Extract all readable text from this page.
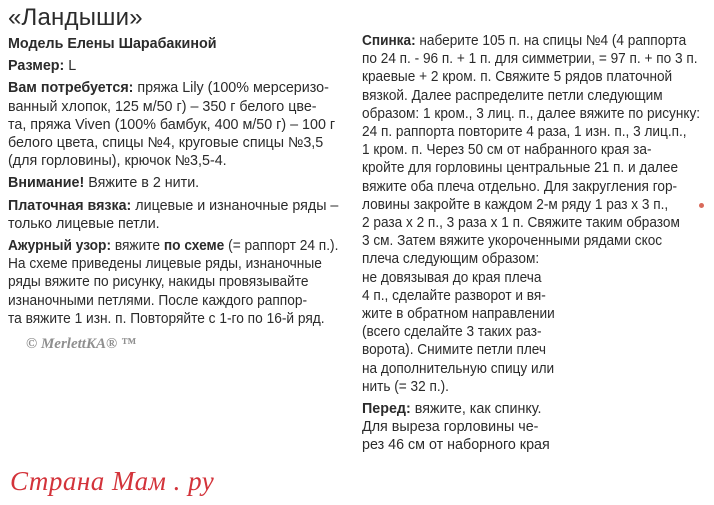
«Ландыши»
Модель Елены Шарабакиной
Размер: L
Вам потребуется: пряжа Lily (100% мерсеризо-
ванный хлопок, 125 м/50 г) – 350 г белого цве-
та, пряжа Viven (100% бамбук, 400 м/50 г) – 100 г
белого цвета, спицы №4, круговые спицы №3,5
(для горловины), крючок №3,5-4.
Внимание! Вяжите в 2 нити.
Платочная вязка: лицевые и изнаночные ряды –
только лицевые петли.
Ажурный узор: вяжите по схеме (= раппорт 24 п.).
На схеме приведены лицевые ряды, изнаночные
ряды вяжите по рисунку, накиды провязывайте
изнаночными петлями. После каждого раппор-
та вяжите 1 изн. п. Повторяйте с 1-го по 16-й ряд.
© MerlettKA® ™
Спинка: наберите 105 п. на спицы №4 (4 раппорта
по 24 п. - 96 п. + 1 п. для симметрии, = 97 п. + по 3 п.
краевые + 2 кром. п. Свяжите 5 рядов платочной
вязкой. Далее распределите петли следующим
образом: 1 кром., 3 лиц. п., далее вяжите по рисунку:
24 п. раппорта повторите 4 раза, 1 изн. п., 3 лиц.п.,
1 кром. п. Через 50 см от набранного края за-
кройте для горловины центральные 21 п. и далее
вяжите оба плеча отдельно. Для закругления гор-
ловины закройте в каждом 2-м ряду 1 раз х 3 п.,
2 раза х 2 п., 3 раза х 1 п. Свяжите таким образом
3 см. Затем вяжите укороченными рядами скос
плеча следующим образом:
не довязывая до края плеча
4 п., сделайте разворот и вя-
жите в обратном направлении
(всего сделайте 3 таких раз-
ворота). Снимите петли плеч
на дополнительную спицу или
нить (= 32 п.).
Перед: вяжите, как спинку.
Для выреза горловины че-
рез 46 см от наборного края
Страна Мам . ру
